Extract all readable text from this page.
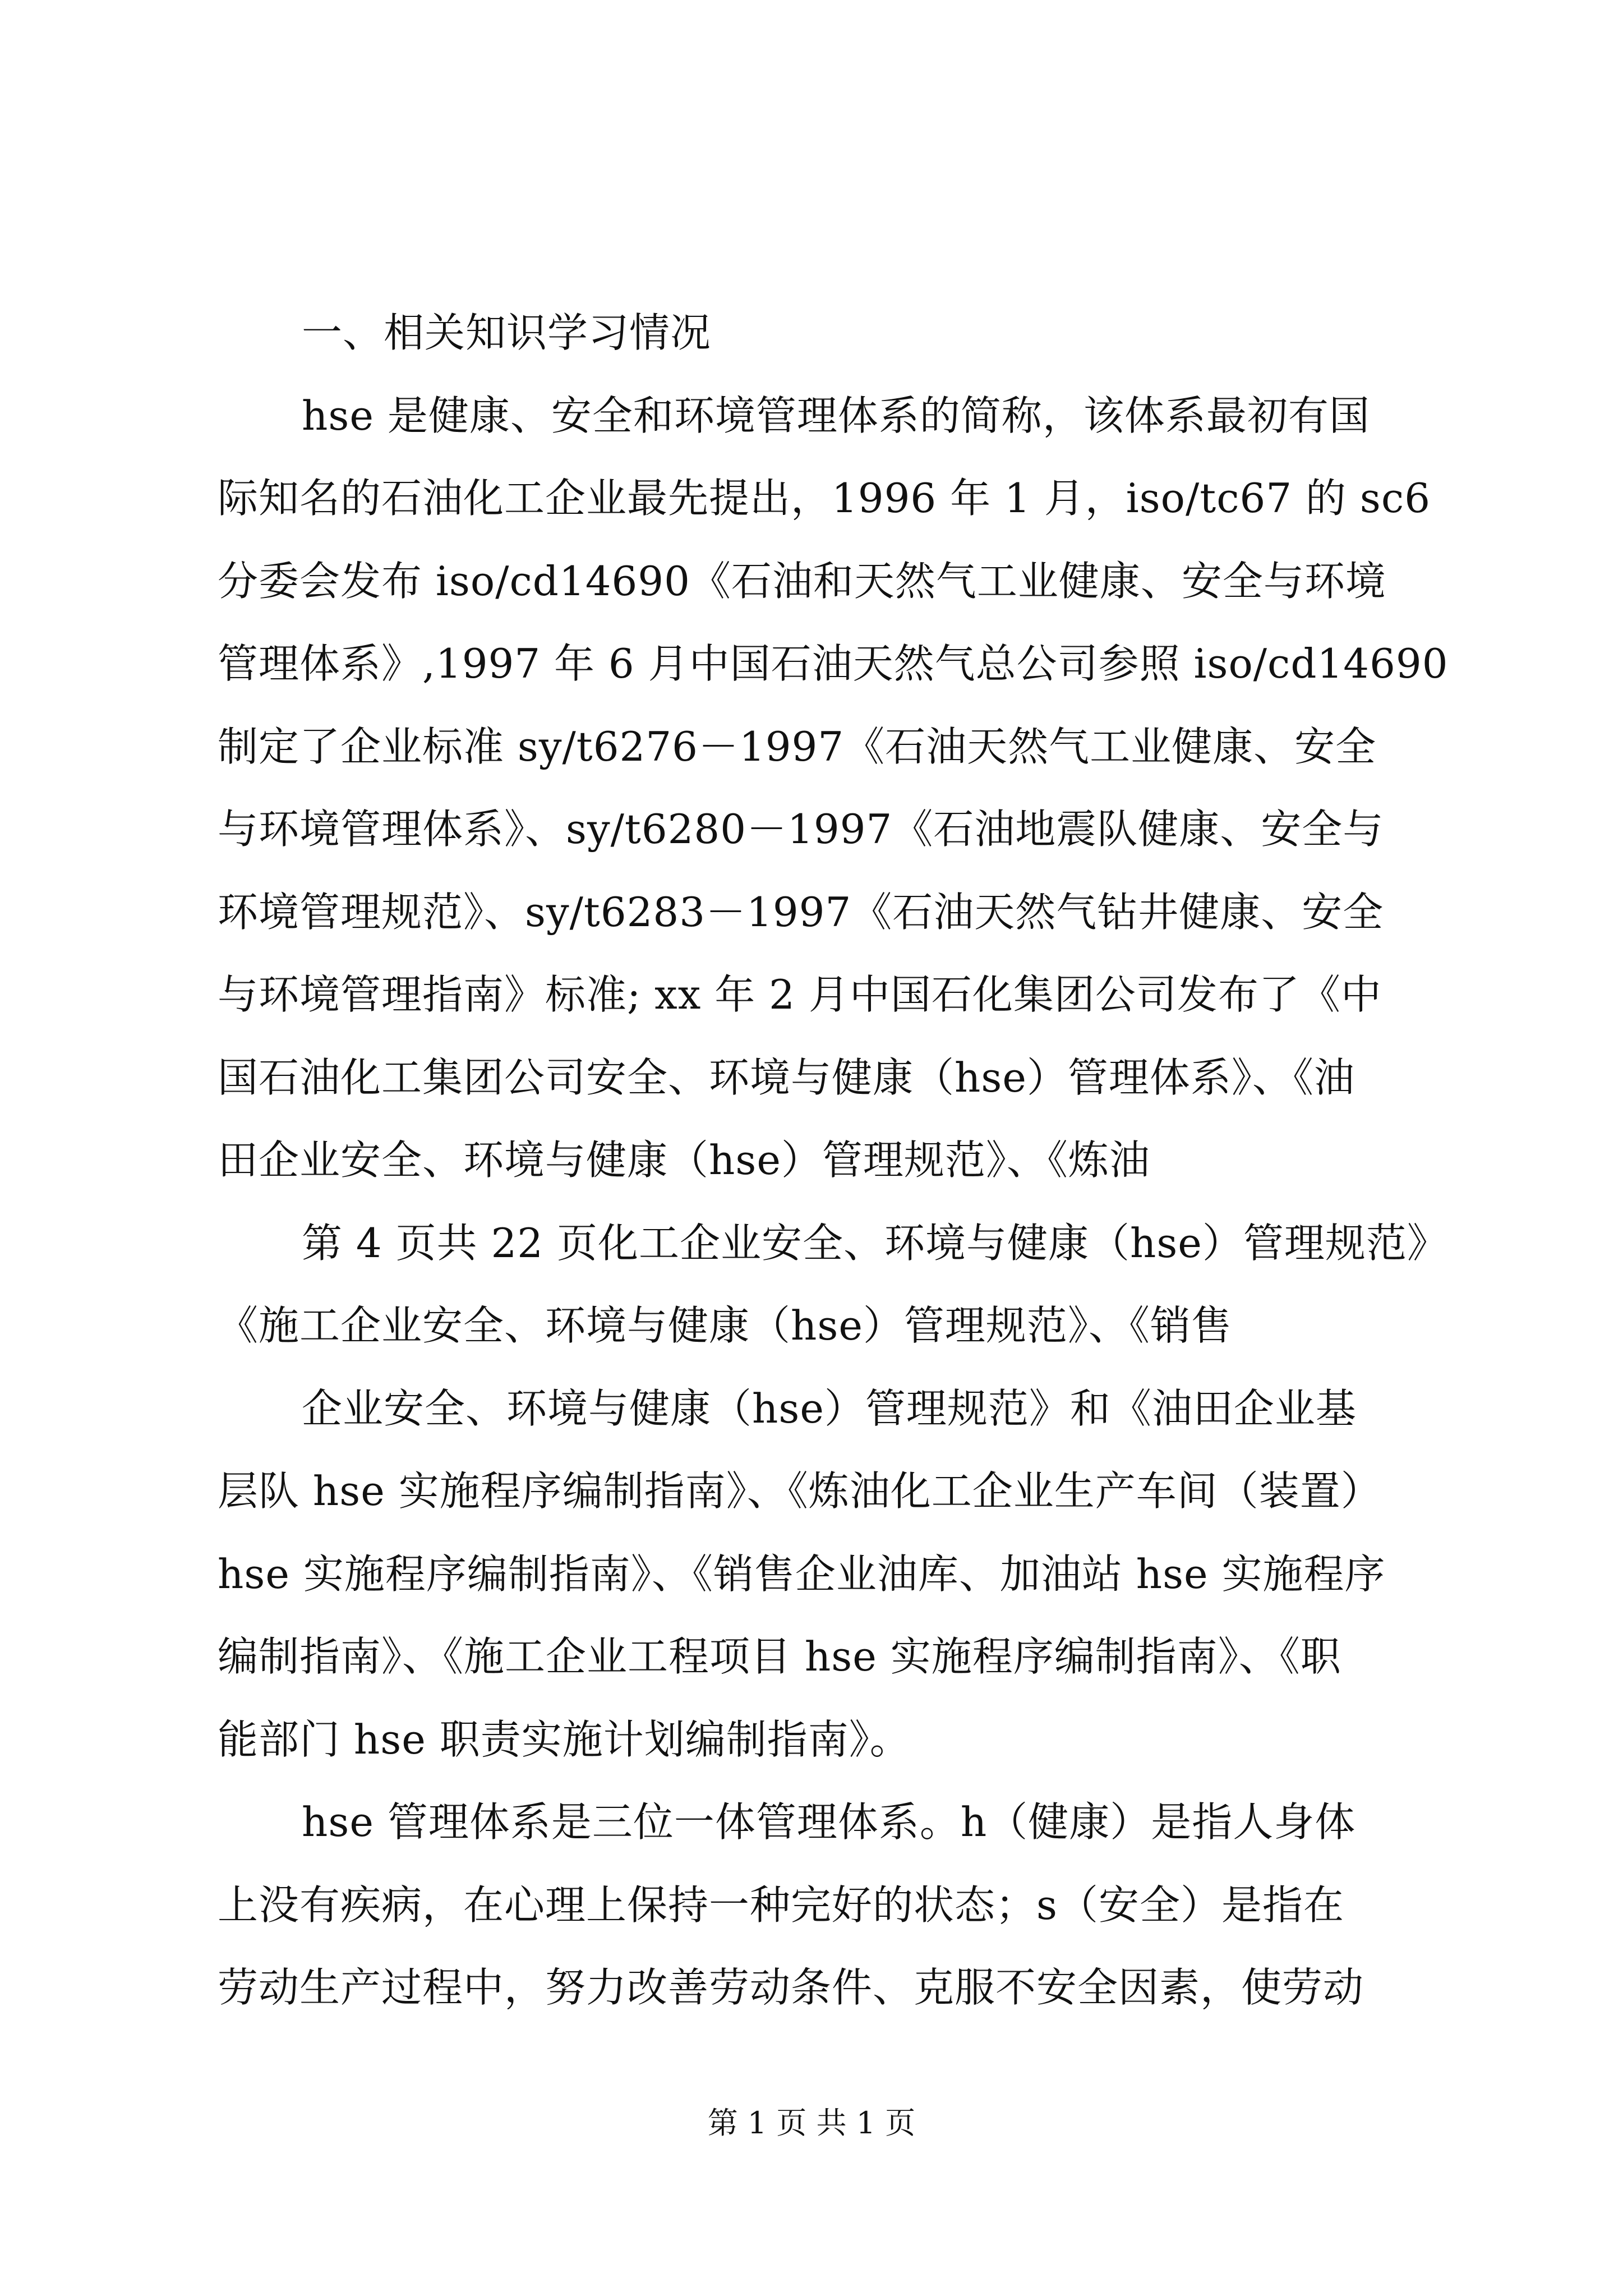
一、相关知识学习情况

hse 是健康、安全和环境管理体系的简称，该体系最初有国

际知名的石油化工企业最先提出，1996 年 1 月，iso/tc67 的 sc6

分委会发布 iso/cd14690《石油和天然气工业健康、安全与环境

管理体系》,1997 年 6 月中国石油天然气总公司参照 iso/cd14690

制定了企业标准 sy/t6276－1997《石油天然气工业健康、安全

与环境管理体系》、sy/t6280－1997《石油地震队健康、安全与

环境管理规范》、sy/t6283－1997《石油天然气钻井健康、安全

与环境管理指南》标准; xx 年 2 月中国石化集团公司发布了《中

国石油化工集团公司安全、环境与健康（hse）管理体系》、《油

田企业安全、环境与健康（hse）管理规范》、《炼油

第 4 页共 22 页化工企业安全、环境与健康（hse）管理规范》

《施工企业安全、环境与健康（hse）管理规范》、《销售

企业安全、环境与健康（hse）管理规范》和《油田企业基

层队 hse 实施程序编制指南》、《炼油化工企业生产车间（装置）

hse 实施程序编制指南》、《销售企业油库、加油站 hse 实施程序

编制指南》、《施工企业工程项目 hse 实施程序编制指南》、《职

能部门 hse 职责实施计划编制指南》。

hse 管理体系是三位一体管理体系。h（健康）是指人身体

上没有疾病，在心理上保持一种完好的状态；s（安全）是指在

劳动生产过程中，努力改善劳动条件、克服不安全因素，使劳动

第 1 页 共 1 页
